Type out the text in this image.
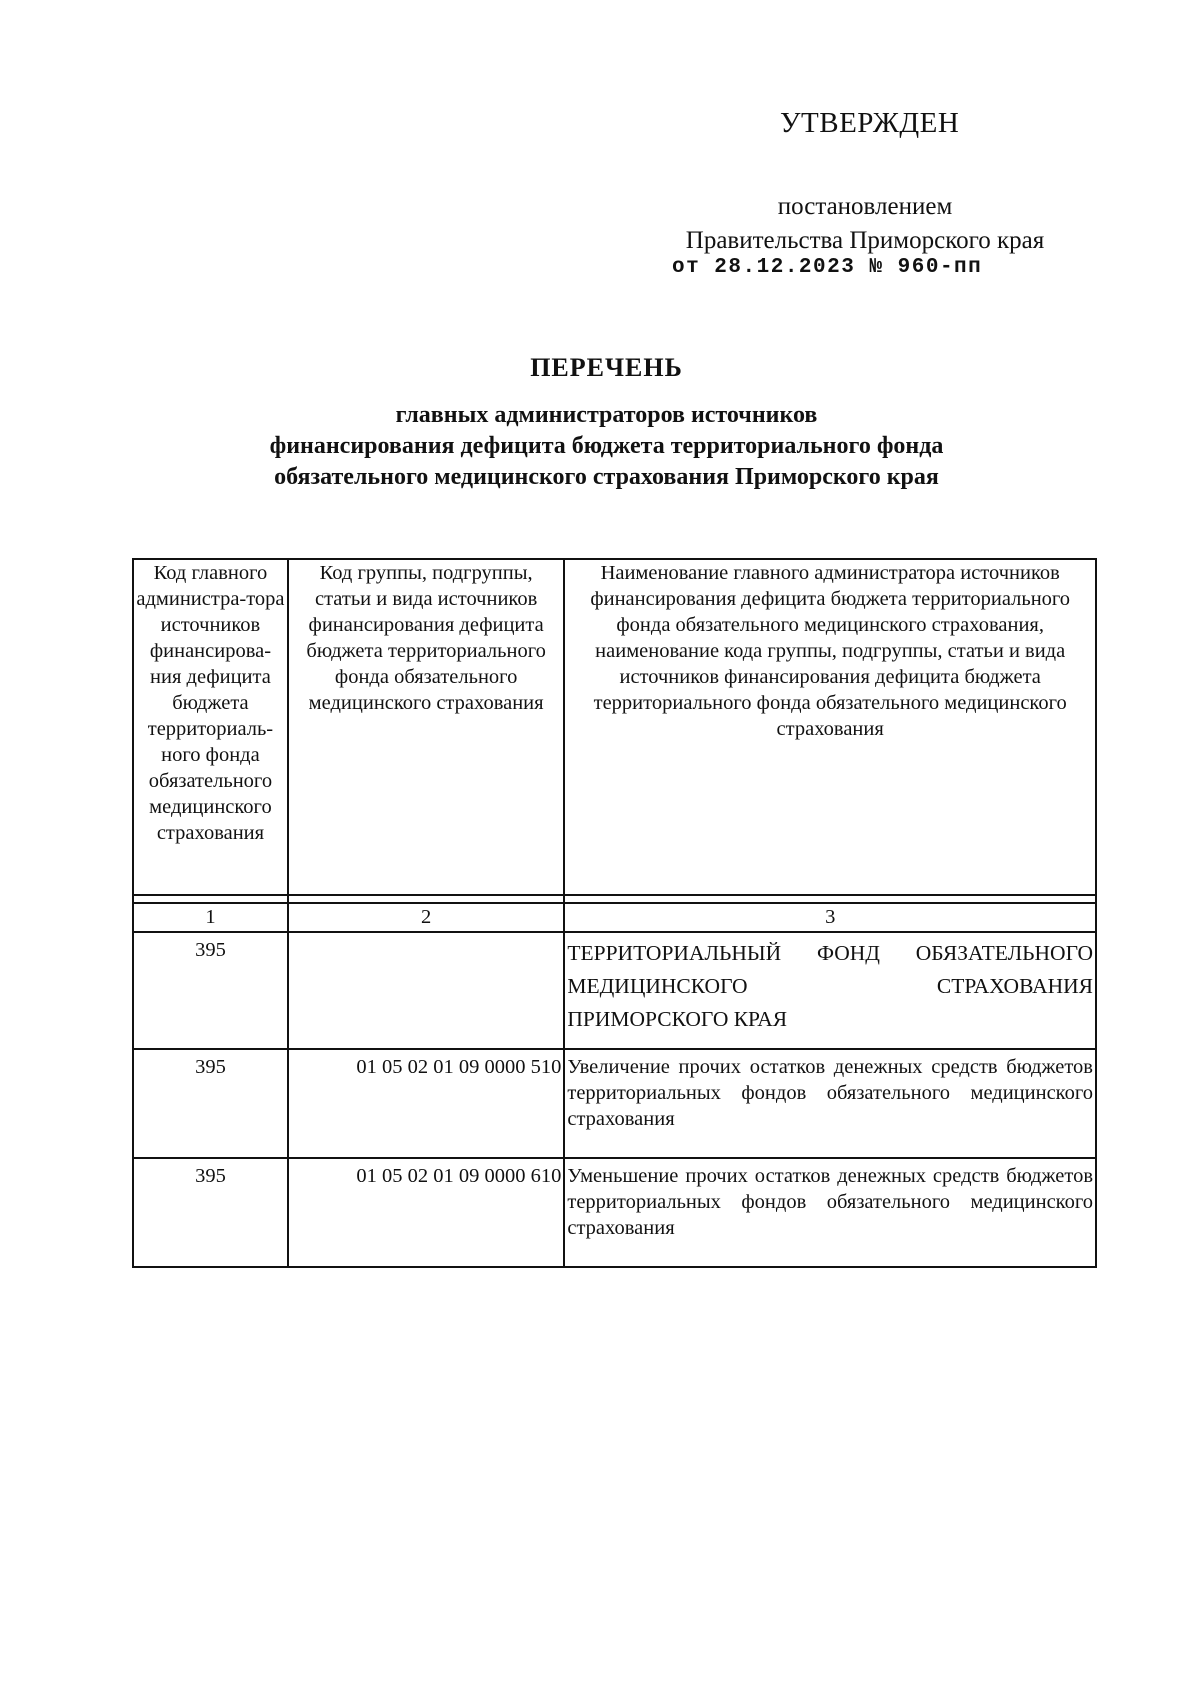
УТВЕРЖДЕН
постановлением
Правительства Приморского края
от 28.12.2023 № 960-пп
ПЕРЕЧЕНЬ
главных администраторов источников
финансирования дефицита бюджета территориального фонда
обязательного медицинского страхования Приморского края
Код главного администра-тора источников финансирова-ния дефицита бюджета территориаль-ного фонда обязательного медицинского страхования	Код группы, подгруппы, статьи и вида источников финансирования дефицита бюджета территориального фонда обязательного медицинского страхования	Наименование главного администратора источников финансирования дефицита бюджета территориального фонда обязательного медицинского страхования, наименование кода группы, подгруппы, статьи и вида источников финансирования дефицита бюджета территориального фонда обязательного медицинского страхования

1	2	3
395		ТЕРРИТОРИАЛЬНЫЙ ФОНД ОБЯЗАТЕЛЬНОГО МЕДИЦИНСКОГО СТРАХОВАНИЯ
ПРИМОРСКОГО КРАЯ

395	01 05 02 01 09 0000 510	Увеличение прочих остатков денежных средств бюджетов территориальных фондов обязательного медицинского страхования
395	01 05 02 01 09 0000 610	Уменьшение прочих остатков денежных средств бюджетов территориальных фондов обязательного медицинского страхования
